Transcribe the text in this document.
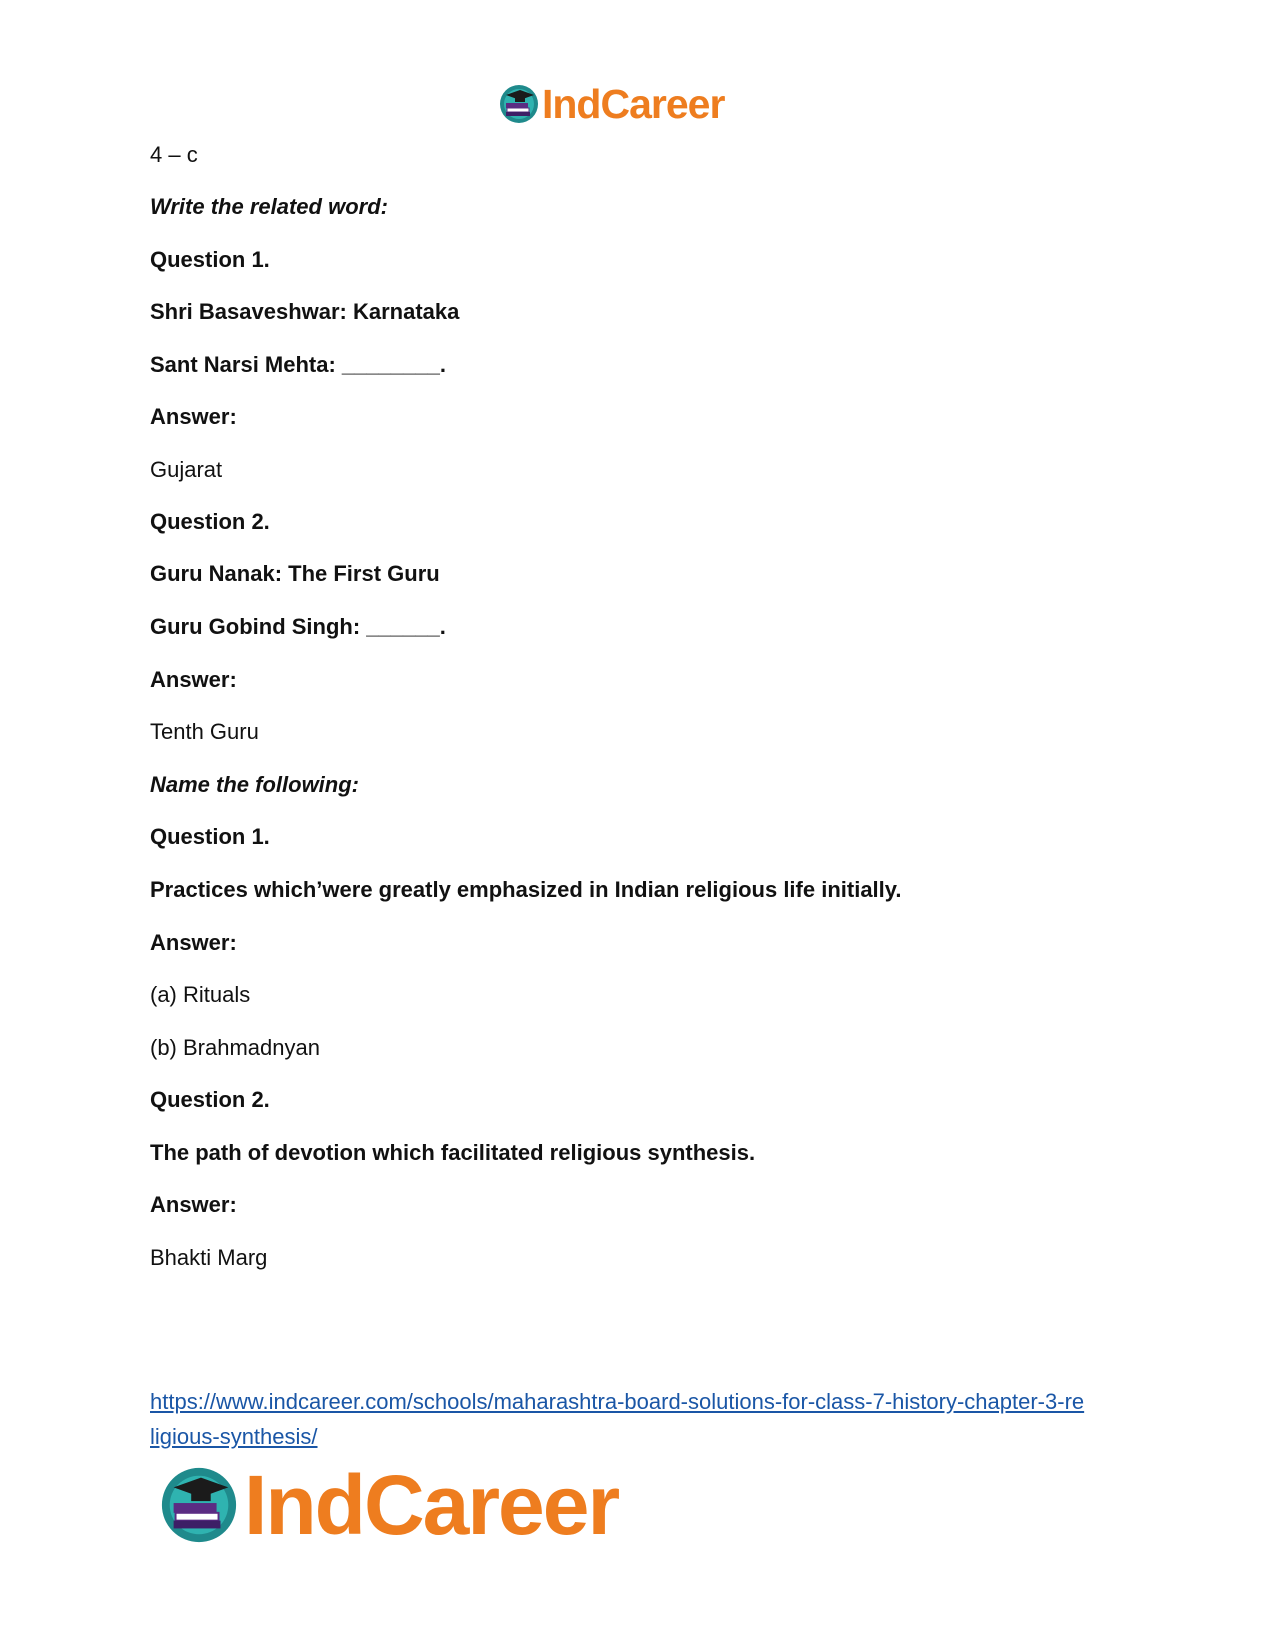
IndCareer
4 – c
Write the related word:
Question 1.
Shri Basaveshwar: Karnataka
Sant Narsi Mehta: ________.
Answer:
Gujarat
Question 2.
Guru Nanak: The First Guru
Guru Gobind Singh: ______.
Answer:
Tenth Guru
Name the following:
Question 1.
Practices which’were greatly emphasized in Indian religious life initially.
Answer:
(a) Rituals
(b) Brahmadnyan
Question 2.
The path of devotion which facilitated religious synthesis.
Answer:
Bhakti Marg
https://www.indcareer.com/schools/maharashtra-board-solutions-for-class-7-history-chapter-3-re
ligious-synthesis/
IndCareer
